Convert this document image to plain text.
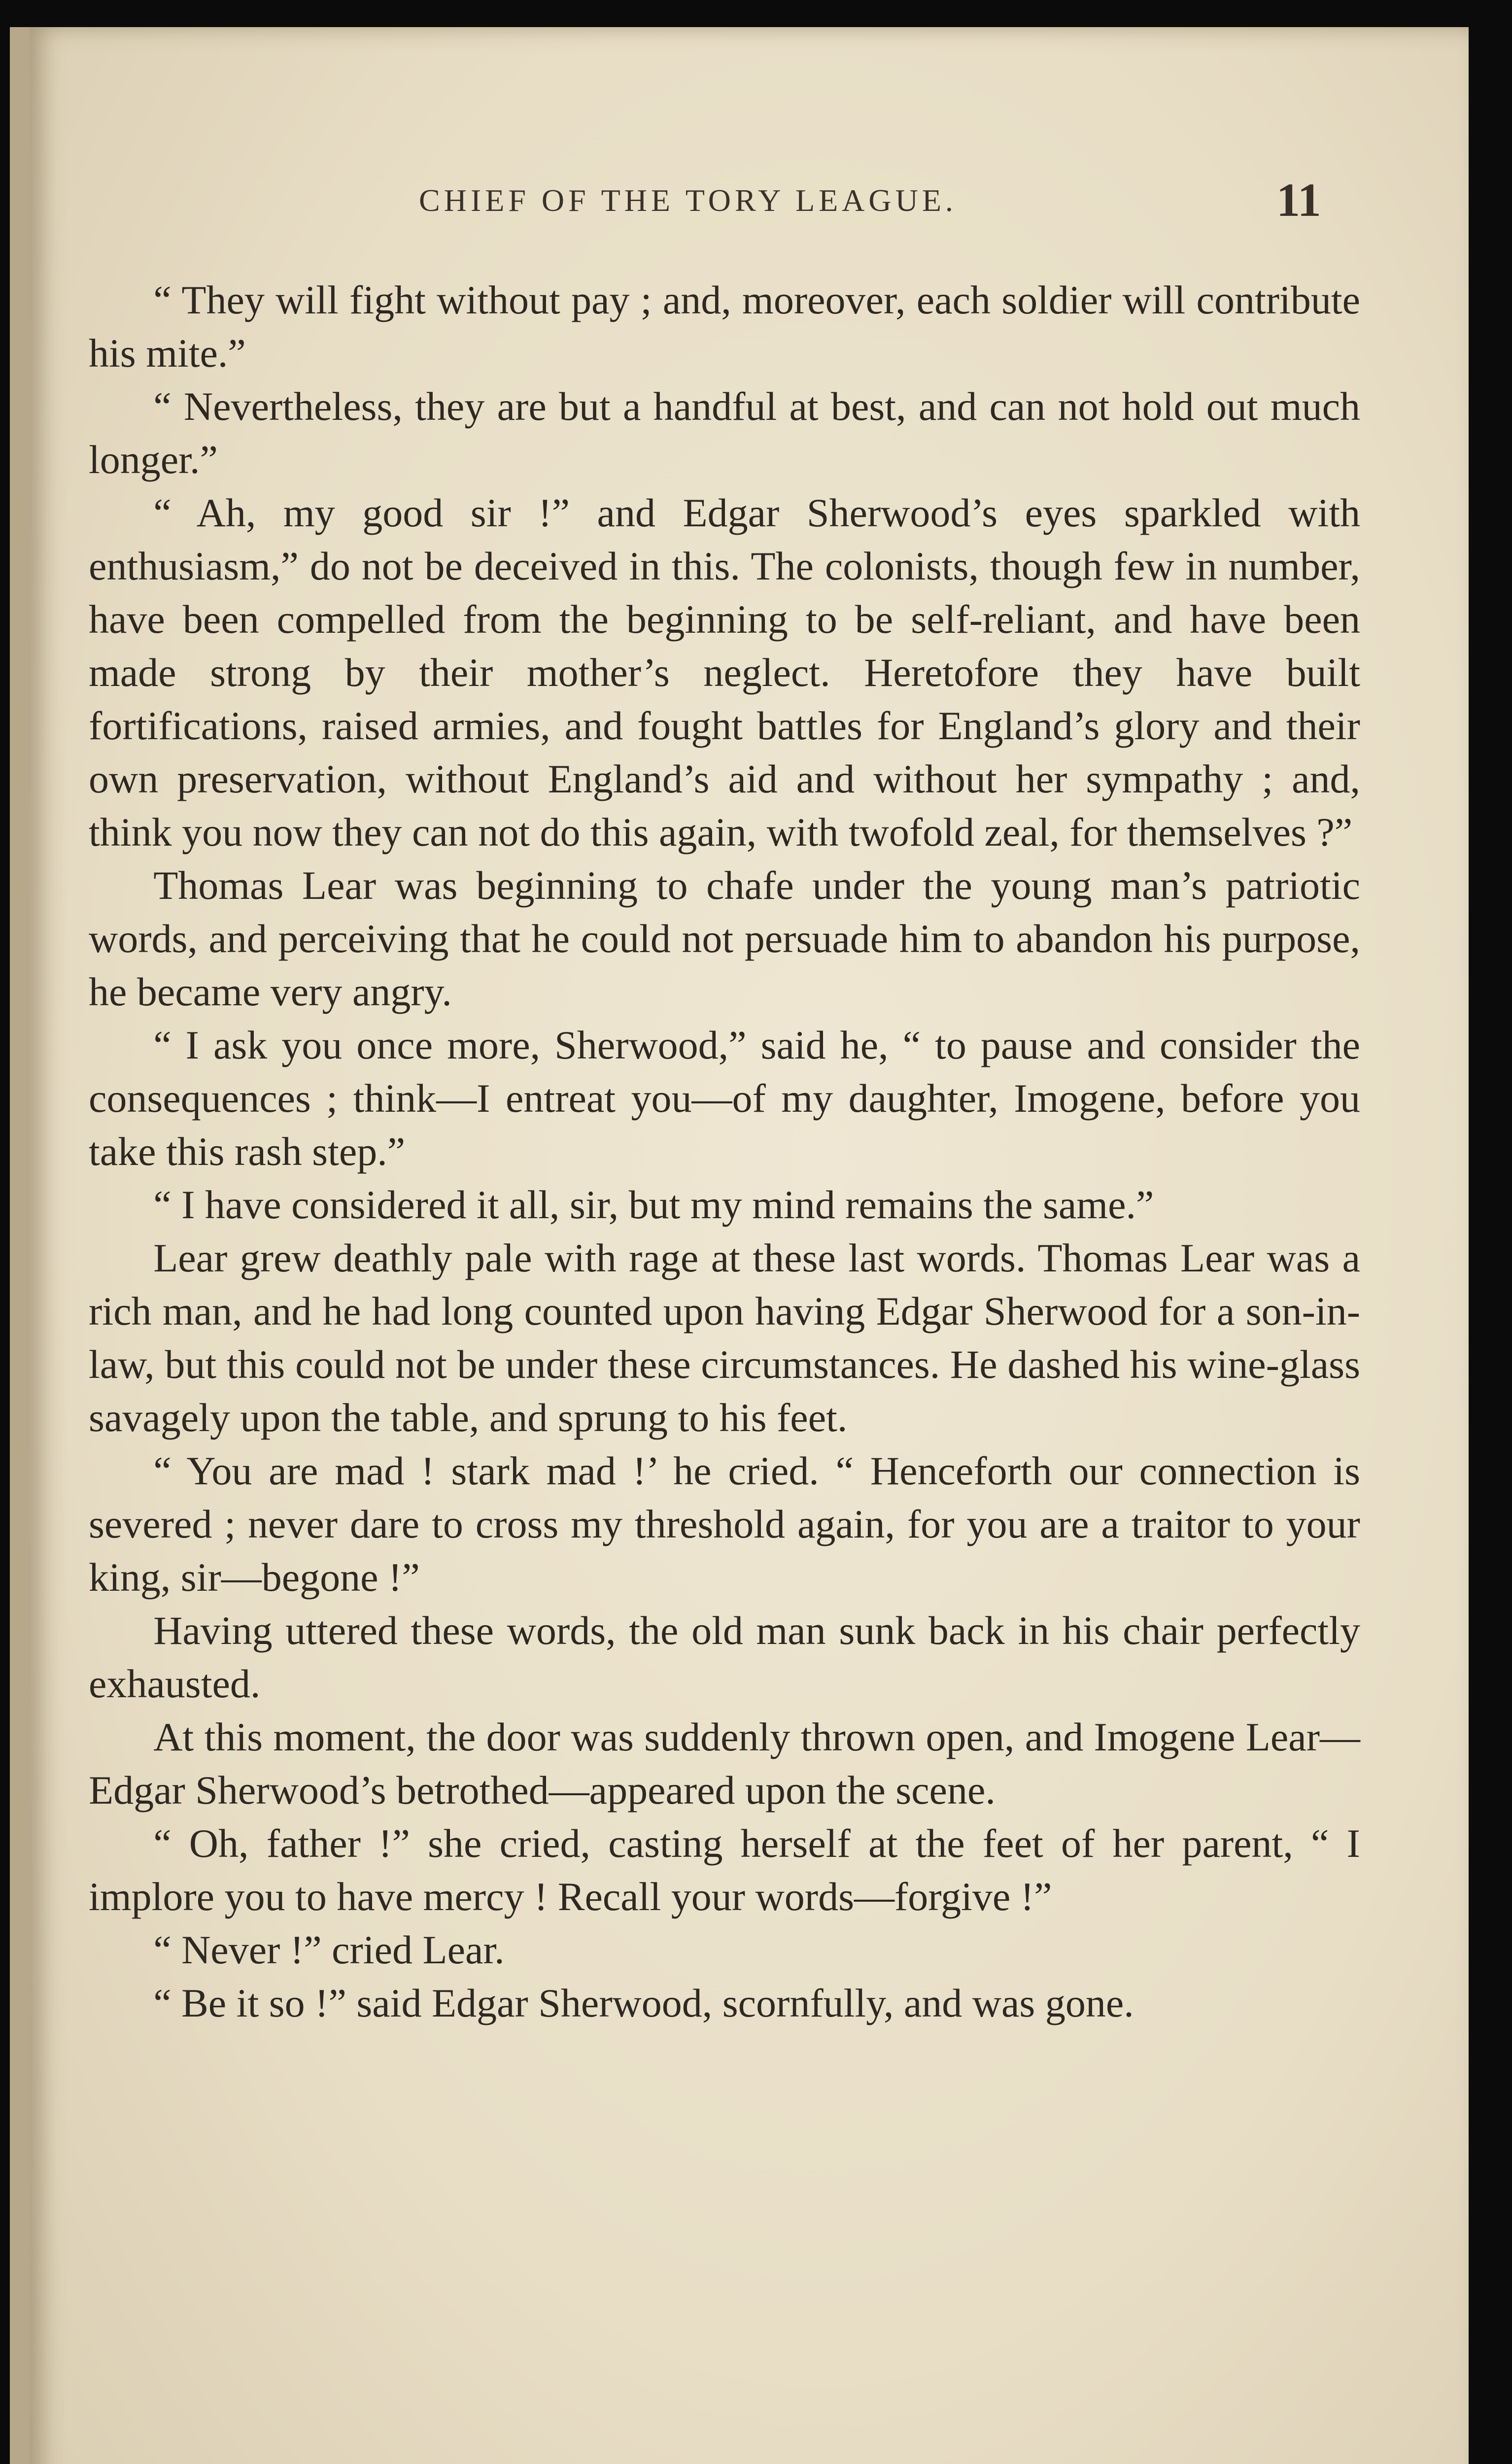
CHIEF OF THE TORY LEAGUE.	11

“ They will fight without pay ; and, moreover, each soldier will contribute his mite.”

“ Nevertheless, they are but a handful at best, and can not hold out much longer.”

“ Ah, my good sir !” and Edgar Sherwood’s eyes sparkled with enthusiasm,” do not be deceived in this. The colonists, though few in number, have been compelled from the beginning to be self-reliant, and have been made strong by their mother’s neglect. Heretofore they have built fortifications, raised armies, and fought battles for England’s glory and their own preservation, without England’s aid and without her sympathy ; and, think you now they can not do this again, with twofold zeal, for themselves ?”

Thomas Lear was beginning to chafe under the young man’s patriotic words, and perceiving that he could not persuade him to abandon his purpose, he became very angry.

“ I ask you once more, Sherwood,” said he, “ to pause and consider the consequences ; think—I entreat you—of my daughter, Imogene, before you take this rash step.”

“ I have considered it all, sir, but my mind remains the same.”

Lear grew deathly pale with rage at these last words. Thomas Lear was a rich man, and he had long counted upon having Edgar Sherwood for a son-in-law, but this could not be under these circumstances. He dashed his wine-glass savagely upon the table, and sprung to his feet.

“ You are mad ! stark mad !’ he cried. “ Henceforth our connection is severed ; never dare to cross my threshold again, for you are a traitor to your king, sir—begone !”

Having uttered these words, the old man sunk back in his chair perfectly exhausted.

At this moment, the door was suddenly thrown open, and Imogene Lear—Edgar Sherwood’s betrothed—appeared upon the scene.

“ Oh, father !” she cried, casting herself at the feet of her parent, “ I implore you to have mercy ! Recall your words—forgive !”

“ Never !” cried Lear.

“ Be it so !” said Edgar Sherwood, scornfully, and was gone.
